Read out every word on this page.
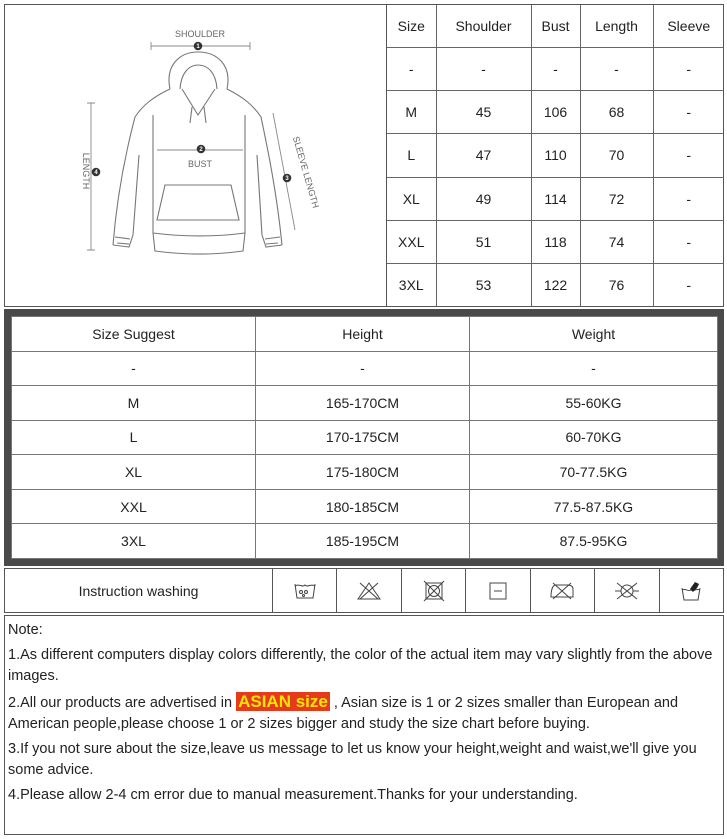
1
2
3
4
SHOULDER
BUST
LENGTH	SLEEVE LENGTH
Size	Shoulder	Bust	Length	Sleeve
-	-	-	-	-
M	45	106	68	-
L	47	110	70	-
XL	49	114	72	-
XXL	51	118	74	-
3XL	53	122	76	-
Size Suggest	Height	Weight
-	-	-
M	165-170CM	55-60KG
L	170-175CM	60-70KG
XL	175-180CM	70-77.5KG
XXL	180-185CM	77.5-87.5KG
3XL	185-195CM	87.5-95KG
Instruction washing

Note:

1.As different computers display colors differently, the color of the actual item may vary slightly from the above images.

2.All our products are advertised in ASIAN size , Asian size is 1 or 2 sizes smaller than European and
American people,please choose 1 or 2 sizes bigger and study the size chart before buying.

3.If you not sure about the size,leave us message to let us know your height,weight and waist,we'll give you some advice.

4.Please allow 2-4 cm error due to manual measurement.Thanks for your understanding.
